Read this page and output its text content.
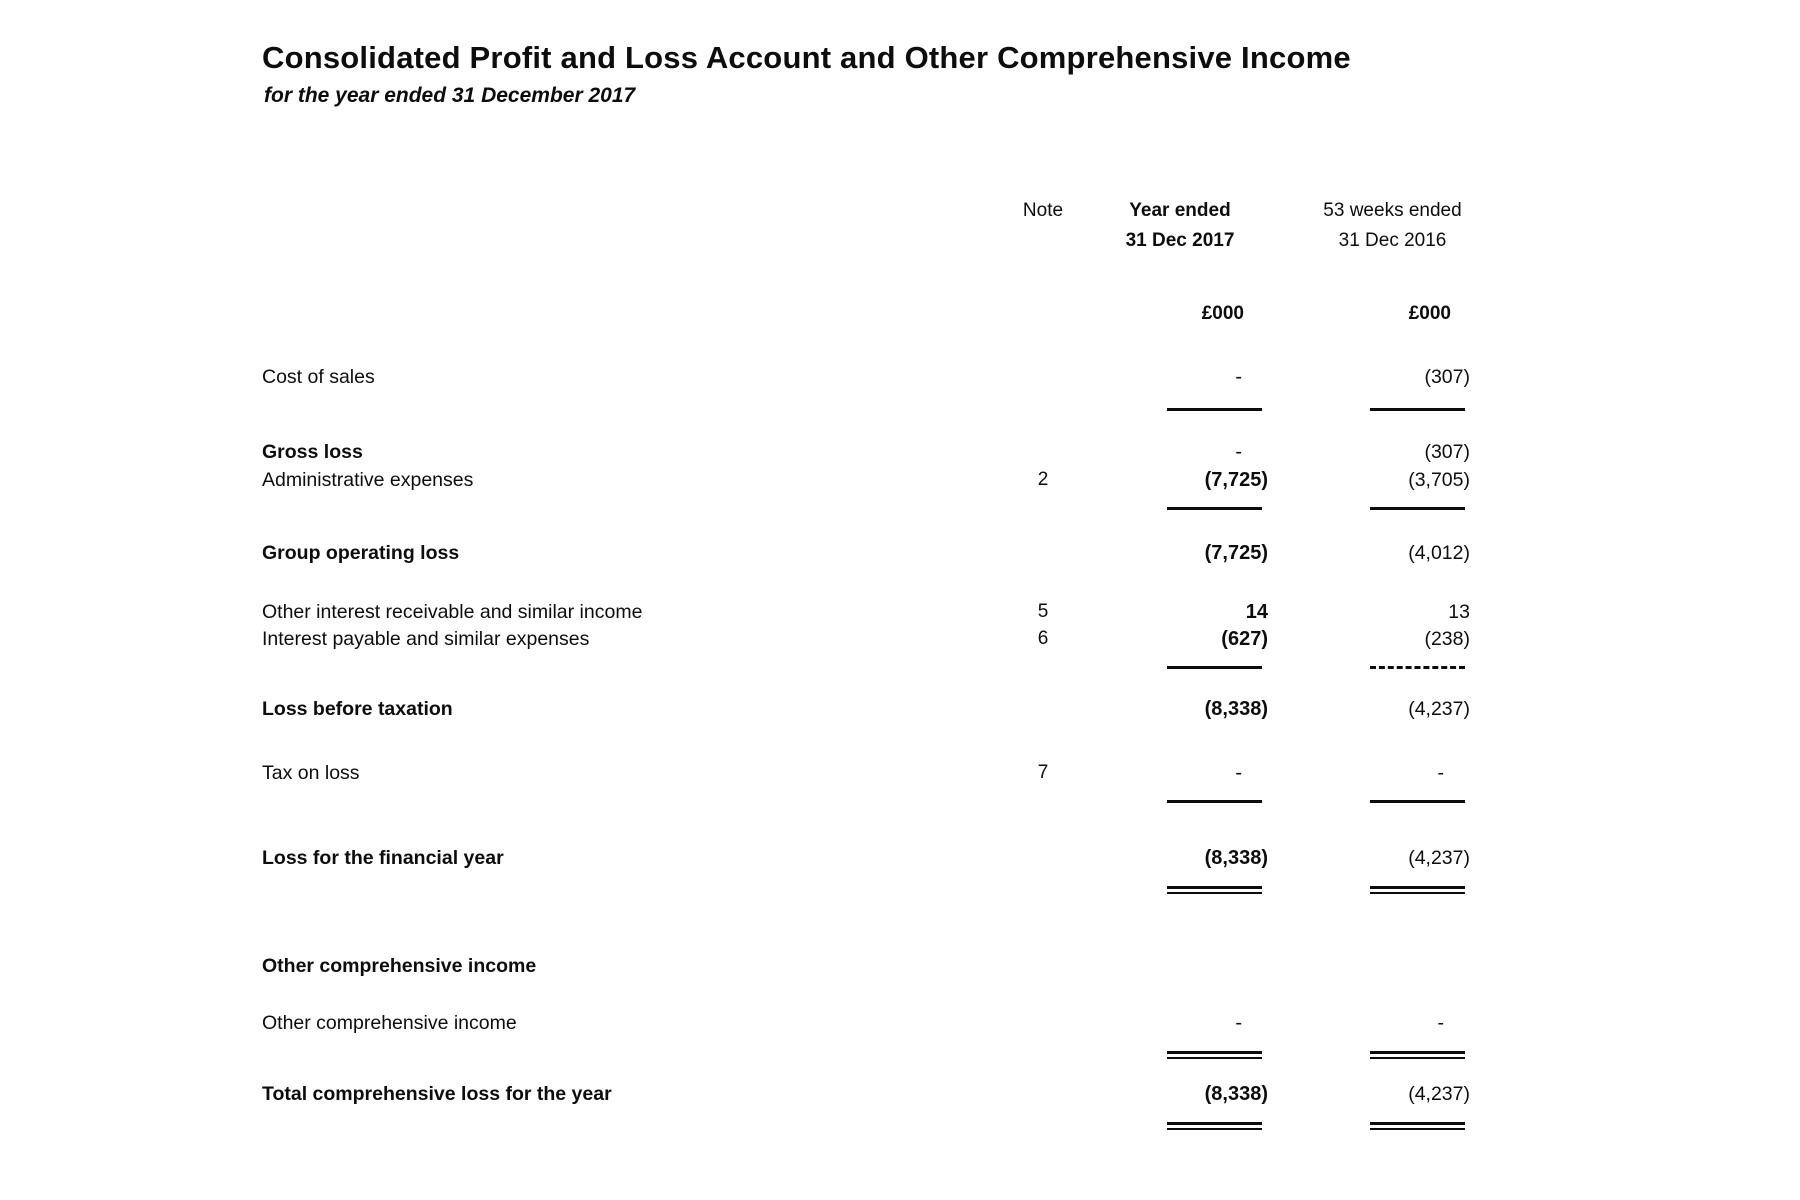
Consolidated Profit and Loss Account and Other Comprehensive Income
for the year ended 31 December 2017
Note	Year ended
31 Dec 2017
53 weeks ended
31 Dec 2016
£000	£000
Cost of sales	-	(307)
Gross loss	-	(307)
Administrative expenses	2	(7,725)	(3,705)
Group operating loss	(7,725)	(4,012)
Other interest receivable and similar income	5	14	13
Interest payable and similar expenses	6	(627)	(238)
Loss before taxation	(8,338)	(4,237)
Tax on loss	7	-	-
Loss for the financial year	(8,338)	(4,237)
Other comprehensive income
Other comprehensive income	-	-
Total comprehensive loss for the year	(8,338)	(4,237)
